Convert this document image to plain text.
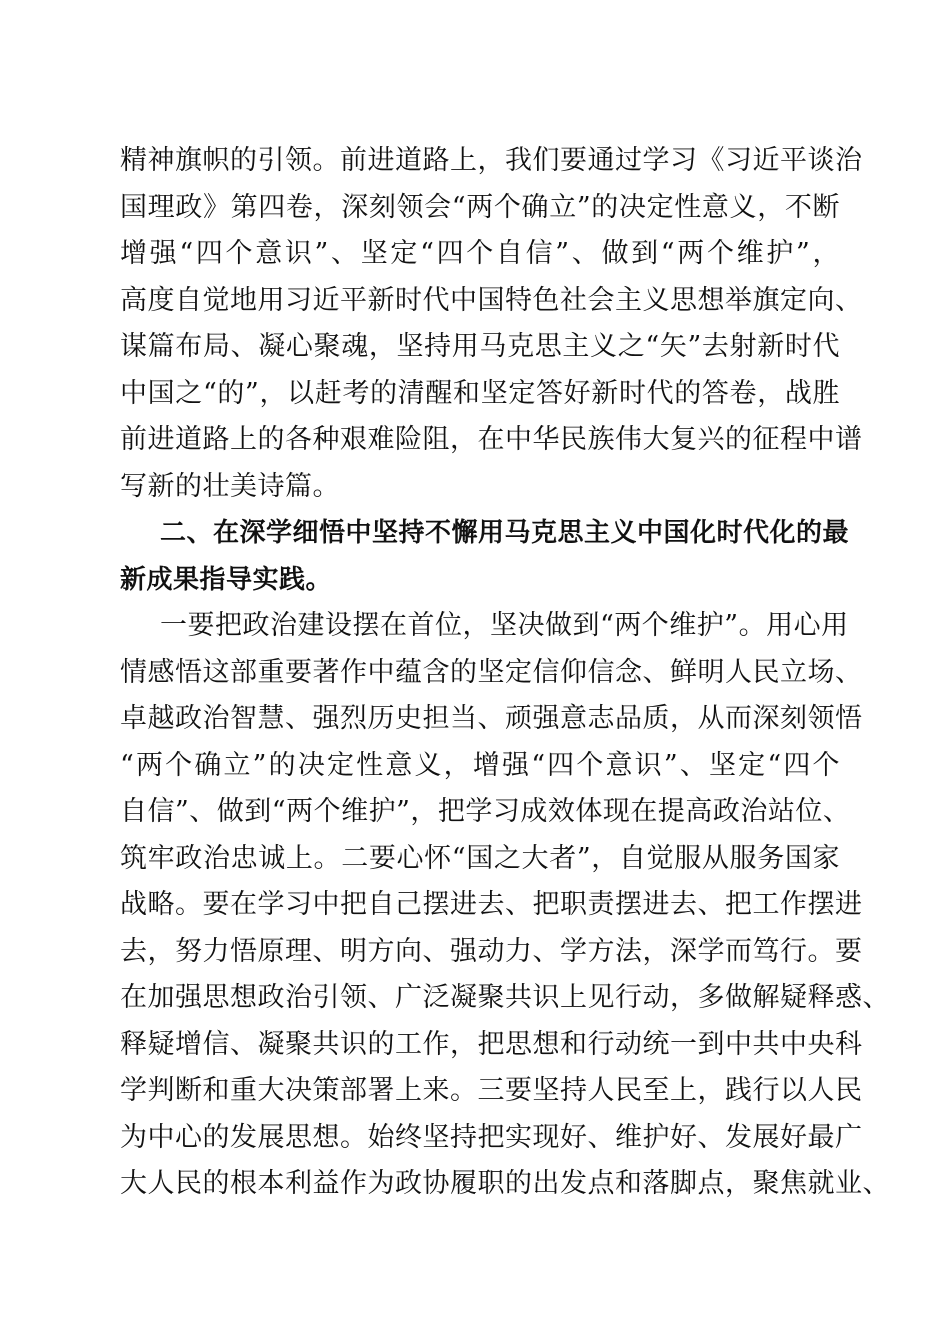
精神旗帜的引领。前进道路上，我们要通过学习《习近平谈治
国理政》第四卷，深刻领会“两个确立”的决定性意义，不断
增强“四个意识”、坚定“四个自信”、做到“两个维护”，
高度自觉地用习近平新时代中国特色社会主义思想举旗定向、
谋篇布局、凝心聚魂，坚持用马克思主义之“矢”去射新时代
中国之“的”，以赶考的清醒和坚定答好新时代的答卷，战胜
前进道路上的各种艰难险阻，在中华民族伟大复兴的征程中谱
写新的壮美诗篇。
二、在深学细悟中坚持不懈用马克思主义中国化时代化的最
新成果指导实践。
一要把政治建设摆在首位，坚决做到“两个维护”。用心用
情感悟这部重要著作中蕴含的坚定信仰信念、鲜明人民立场、
卓越政治智慧、强烈历史担当、顽强意志品质，从而深刻领悟
“两个确立”的决定性意义，增强“四个意识”、坚定“四个
自信”、做到“两个维护”，把学习成效体现在提高政治站位、
筑牢政治忠诚上。二要心怀“国之大者”，自觉服从服务国家
战略。要在学习中把自己摆进去、把职责摆进去、把工作摆进
去，努力悟原理、明方向、强动力、学方法，深学而笃行。要
在加强思想政治引领、广泛凝聚共识上见行动，多做解疑释惑、
释疑增信、凝聚共识的工作，把思想和行动统一到中共中央科
学判断和重大决策部署上来。三要坚持人民至上，践行以人民
为中心的发展思想。始终坚持把实现好、维护好、发展好最广
大人民的根本利益作为政协履职的出发点和落脚点，聚焦就业、
